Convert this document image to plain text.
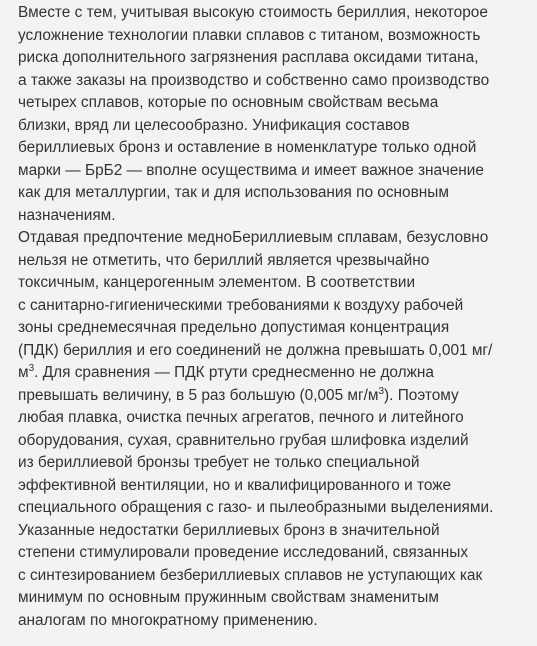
Вместе с тем, учитывая высокую стоимость бериллия, некоторое
усложнение технологии плавки сплавов с титаном, возможность
риска дополнительного загрязнения расплава оксидами титана,
а также заказы на производство и собственно само производство
четырех сплавов, которые по основным свойствам весьма
близки, вряд ли целесообразно. Унификация составов
бериллиевых бронз и оставление в номенклатуре только одной
марки — БрБ2 — вполне осуществима и имеет важное значение
как для металлургии, так и для использования по основным
назначениям.
Отдавая предпочтение медноБериллиевым сплавам, безусловно
нельзя не отметить, что бериллий является чрезвычайно
токсичным, канцерогенным элементом. В соответствии
с санитарно-гигиеническими требованиями к воздуху рабочей
зоны среднемесячная предельно допустимая концентрация
(ПДК) бериллия и его соединений не должна превышать 0,001 мг/
$м^3$. Для сравнения — ПДК ртути среднесменно не должна
превышать величину, в 5 раз большую (0,005 $мг/м^3$). Поэтому
любая плавка, очистка печных агрегатов, печного и литейного
оборудования, сухая, сравнительно грубая шлифовка изделий
из бериллиевой бронзы требует не только специальной
эффективной вентиляции, но и квалифицированного и тоже
специального обращения с газо- и пылеобразными выделениями.
Указанные недостатки бериллиевых бронз в значительной
степени стимулировали проведение исследований, связанных
с синтезированием безбериллиевых сплавов не уступающих как
минимум по основным пружинным свойствам знаменитым
аналогам по многократному применению.
